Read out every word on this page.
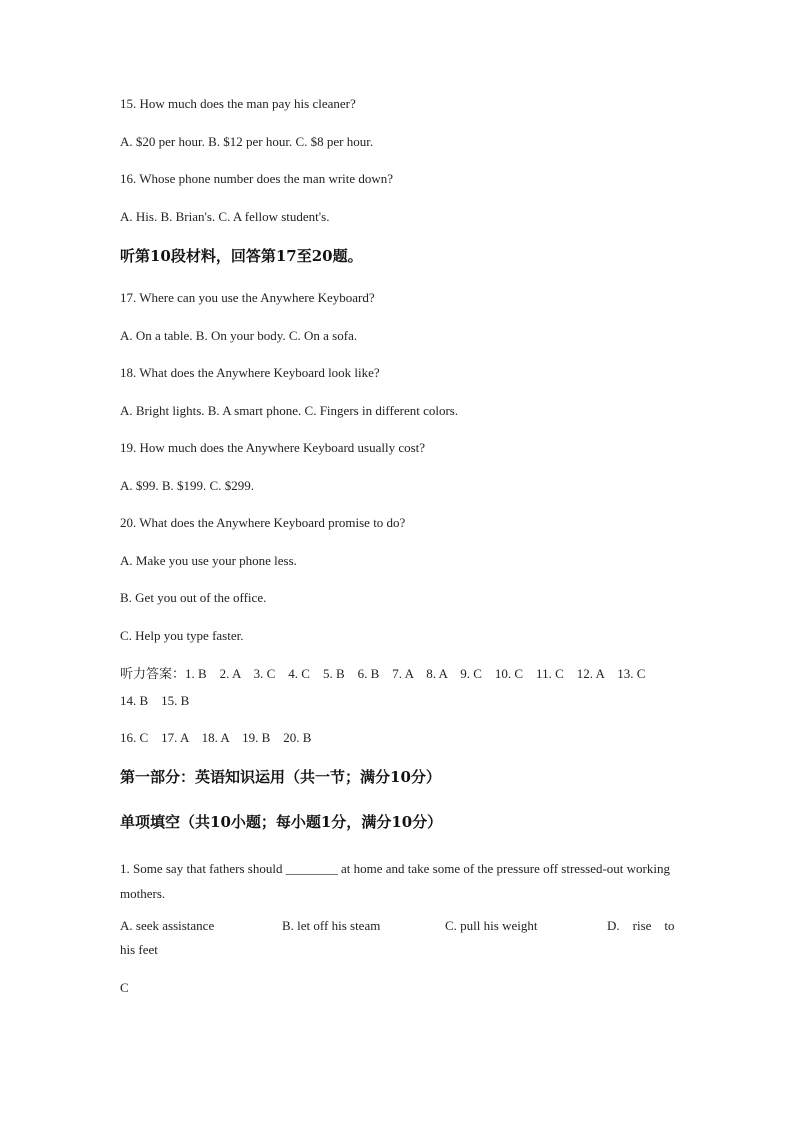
15. How much does the man pay his cleaner?

A. $20 per hour. B. $12 per hour. C. $8 per hour.

16. Whose phone number does the man write down?

A. His. B. Brian's. C. A fellow student's.

听第10段材料，回答第17至20题。

17. Where can you use the Anywhere Keyboard?

A. On a table. B. On your body. C. On a sofa.

18. What does the Anywhere Keyboard look like?

A. Bright lights. B. A smart phone. C. Fingers in different colors.

19. How much does the Anywhere Keyboard usually cost?

A. $99. B. $199. C. $299.

20. What does the Anywhere Keyboard promise to do?

A. Make you use your phone less.

B. Get you out of the office.

C. Help you type faster.

听力答案：1. B    2. A    3. C    4. C    5. B    6. B    7. A    8. A    9. C    10. C    11. C    12. A    13. C

14. B    15. B

16. C    17. A    18. A    19. B    20. B

第一部分：英语知识运用（共一节；满分10分）

单项填空（共10小题；每小题1分，满分10分）

1. Some say that fathers should ________ at home and take some of the pressure off stressed-out working mothers.

A. seek assistance	B. let off his steam	C. pull his weight	D.    rise    to

his feet

C
